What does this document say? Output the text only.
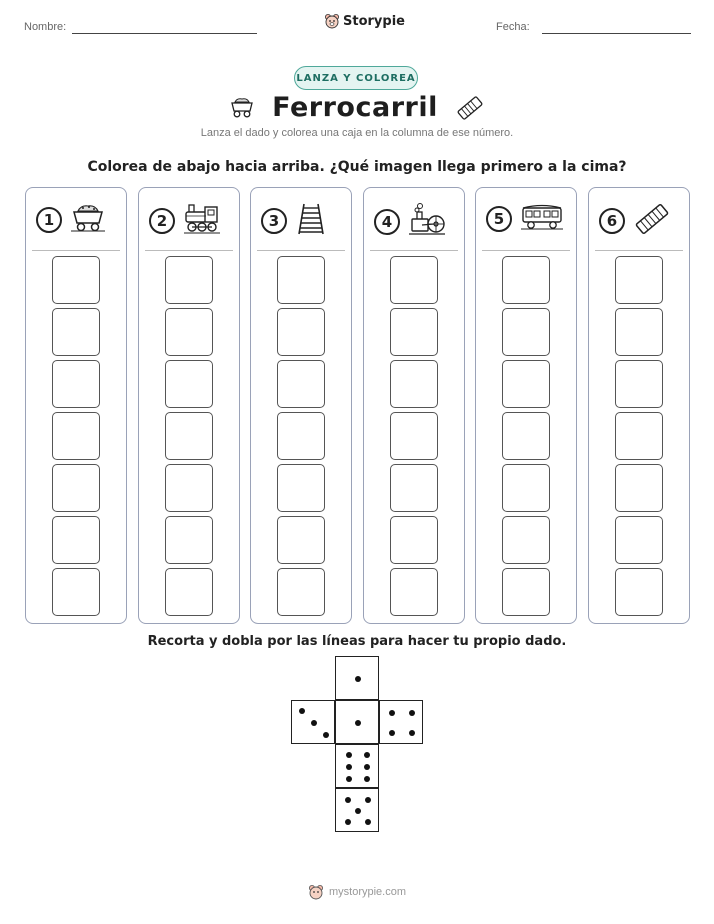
Nombre:	Storypie	Fecha:
LANZA Y COLOREA
Ferrocarril
Lanza el dado y colorea una caja en la columna de ese número.
Colorea de abajo hacia arriba. ¿Qué imagen llega primero a la cima?
1	2	3	4	5	6
Recorta y dobla por las líneas para hacer tu propio dado.
mystorypie.com
